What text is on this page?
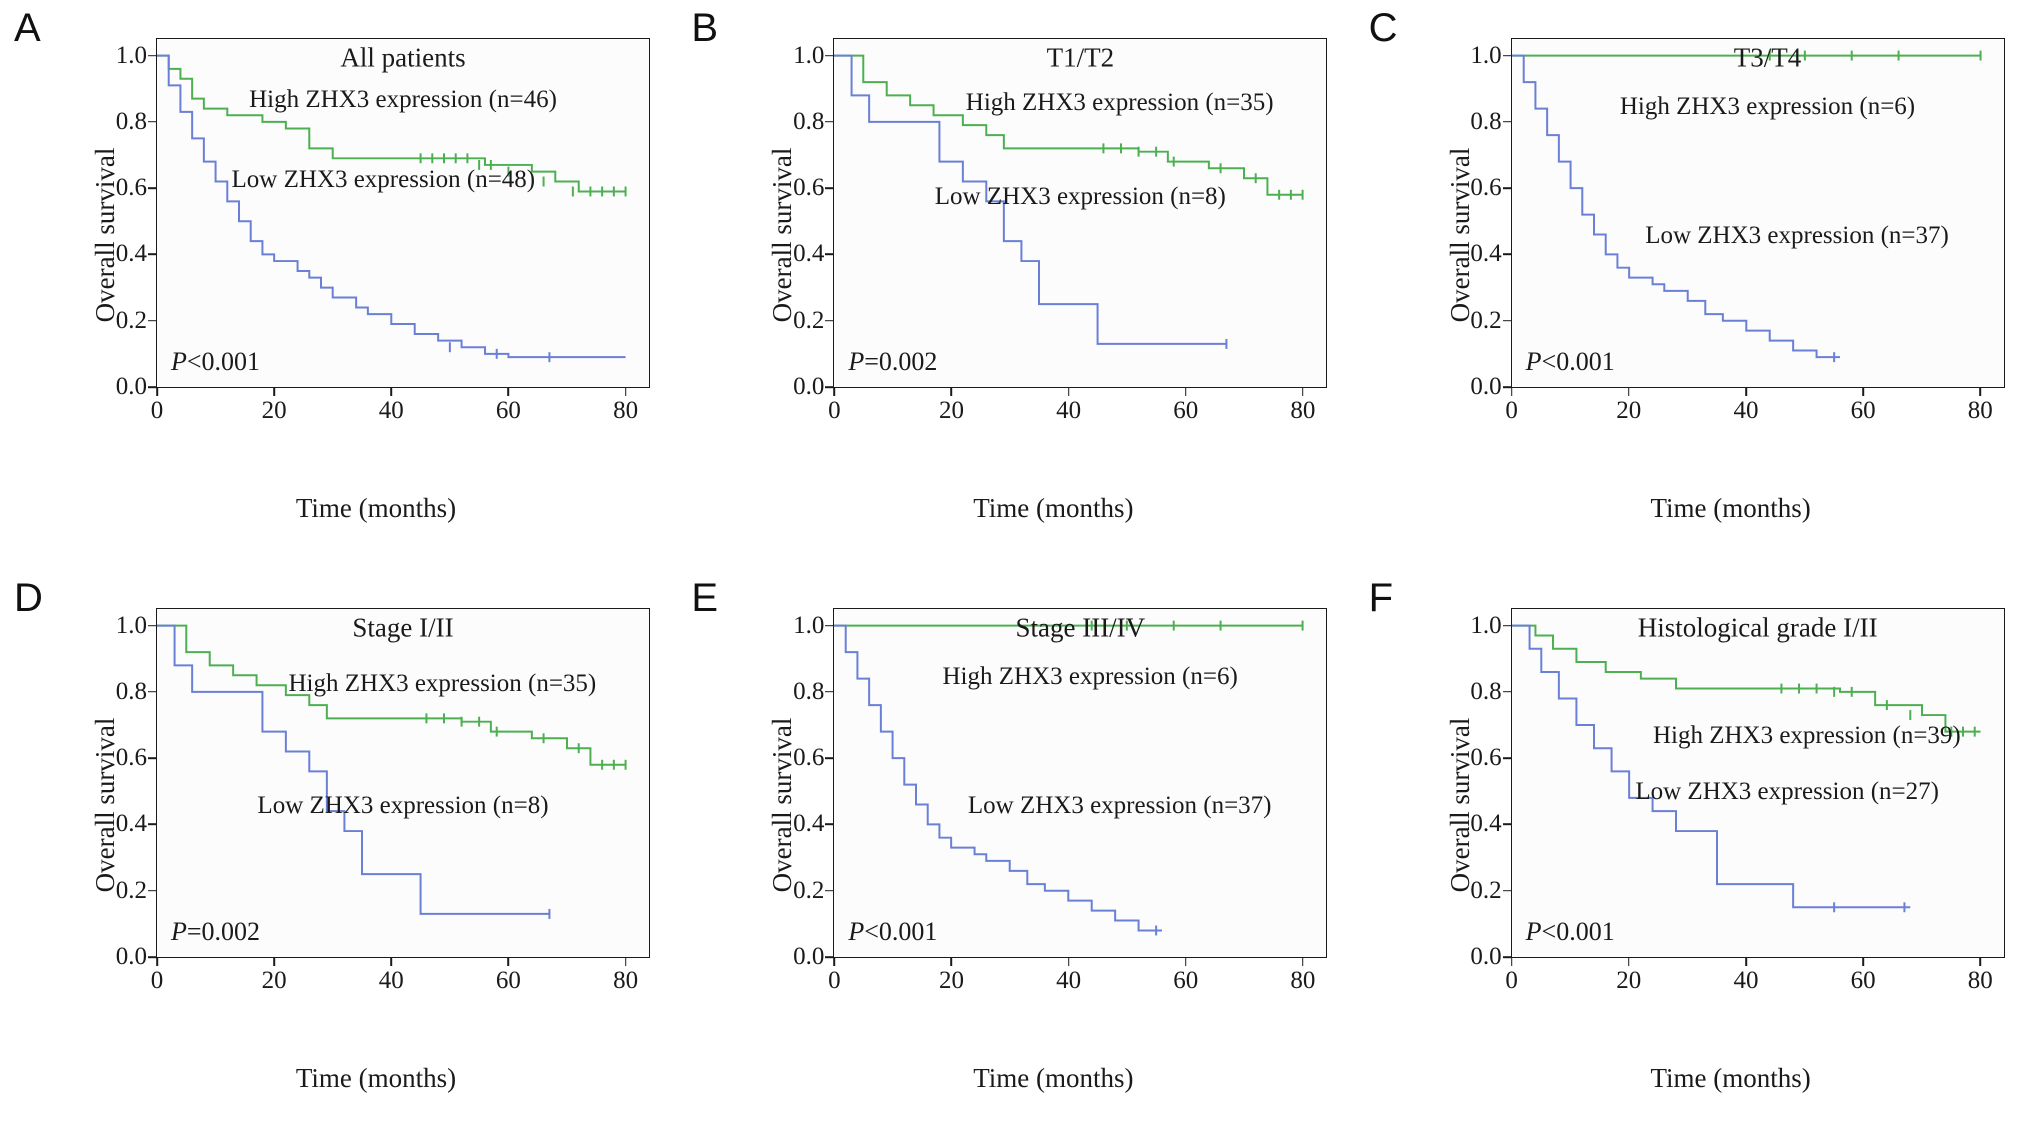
A
Overall survival
Time (months)
0.0
0.2
0.4
0.6
0.8
1.0
0	20	40	60	80
All patients
High ZHX3 expression (n=46)
Low ZHX3 expression (n=48)
P<0.001
B
Overall survival
Time (months)
0.0
0.2
0.4
0.6
0.8
1.0
0	20	40	60	80
T1/T2
High ZHX3 expression (n=35)
Low ZHX3 expression (n=8)
P=0.002
C
Overall survival
Time (months)
0.0
0.2
0.4
0.6
0.8
1.0
0	20	40	60	80
T3/T4
High ZHX3 expression (n=6)
Low ZHX3 expression (n=37)
P<0.001
D
Overall survival
Time (months)
0.0
0.2
0.4
0.6
0.8
1.0
0	20	40	60	80
Stage I/II
High ZHX3 expression (n=35)
Low ZHX3 expression (n=8)
P=0.002
E
Overall survival
Time (months)
0.0
0.2
0.4
0.6
0.8
1.0
0	20	40	60	80
Stage III/IV
High ZHX3 expression (n=6)
Low ZHX3 expression (n=37)
P<0.001
F
Overall survival
Time (months)
0.0
0.2
0.4
0.6
0.8
1.0
0	20	40	60	80
Histological grade I/II
High ZHX3 expression (n=39)
Low ZHX3 expression (n=27)
P<0.001
